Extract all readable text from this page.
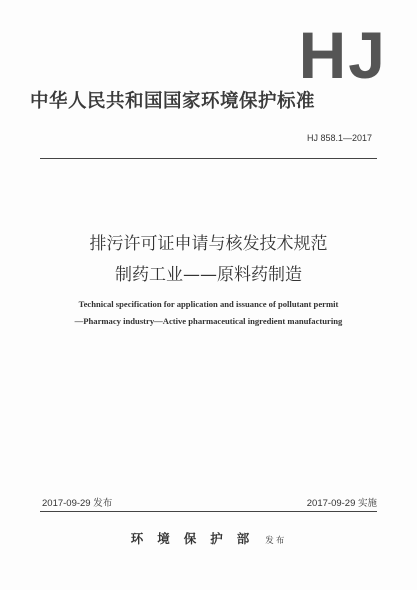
HJ
中华人民共和国国家环境保护标准
HJ 858.1—2017
排污许可证申请与核发技术规范
制药工业——原料药制造
Technical specification for application and issuance of pollutant permit
—Pharmacy industry—Active pharmaceutical ingredient manufacturing
2017-09-29 发布	2017-09-29 实施
环境保护部 发布
